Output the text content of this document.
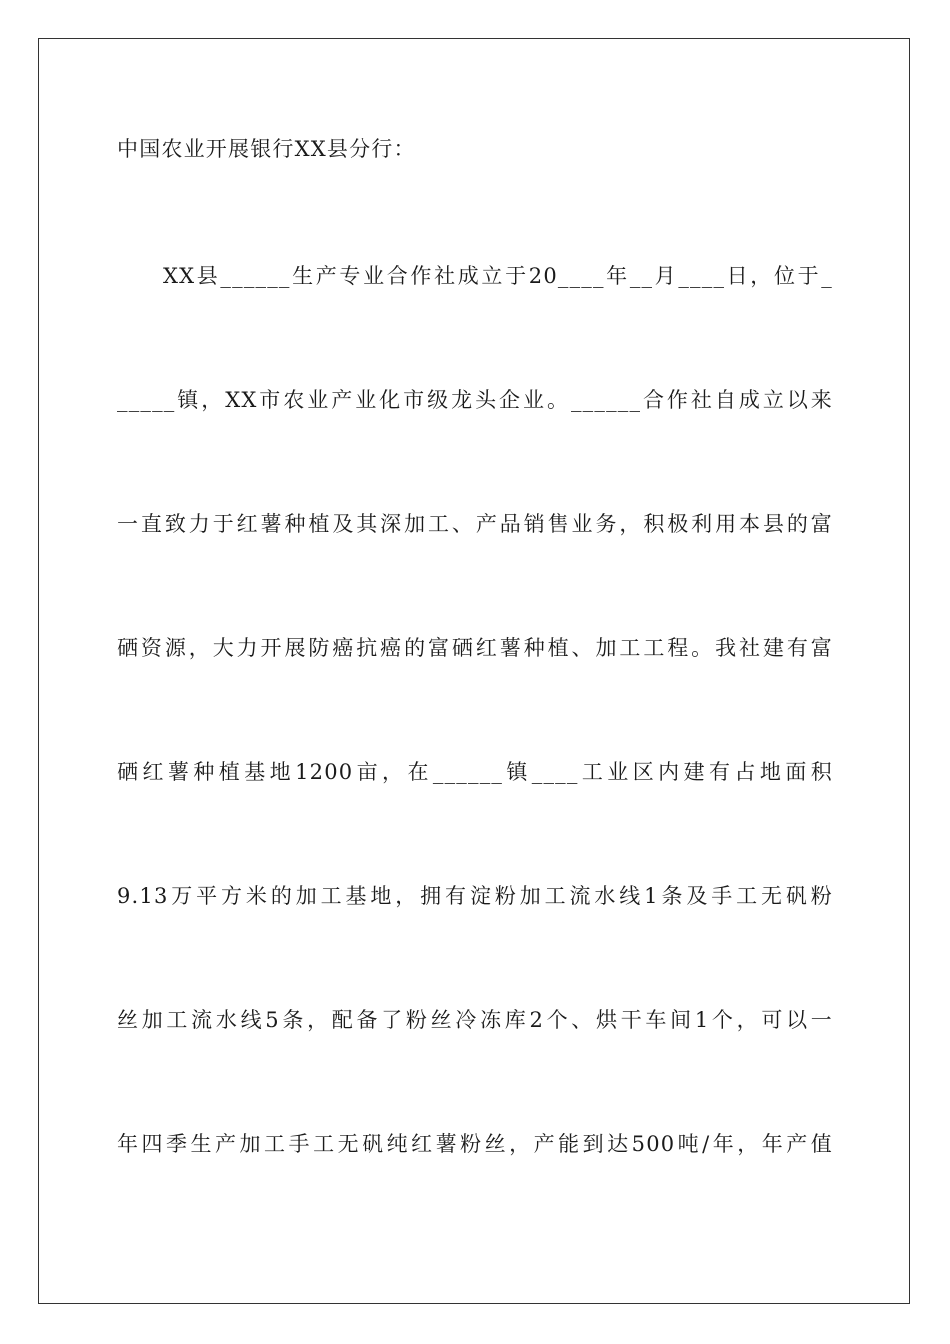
中国农业开展银行XX县分行：
XX县______生产专业合作社成立于20____年__月____日，位于_
_____镇，XX市农业产业化市级龙头企业。______合作社自成立以来
一直致力于红薯种植及其深加工、产品销售业务，积极利用本县的富
硒资源，大力开展防癌抗癌的富硒红薯种植、加工工程。我社建有富
硒红薯种植基地1200亩，在______镇____工业区内建有占地面积
9.13万平方米的加工基地，拥有淀粉加工流水线1条及手工无矾粉
丝加工流水线5条，配备了粉丝冷冻库2个、烘干车间1个，可以一
年四季生产加工手工无矾纯红薯粉丝，产能到达500吨/年，年产值
